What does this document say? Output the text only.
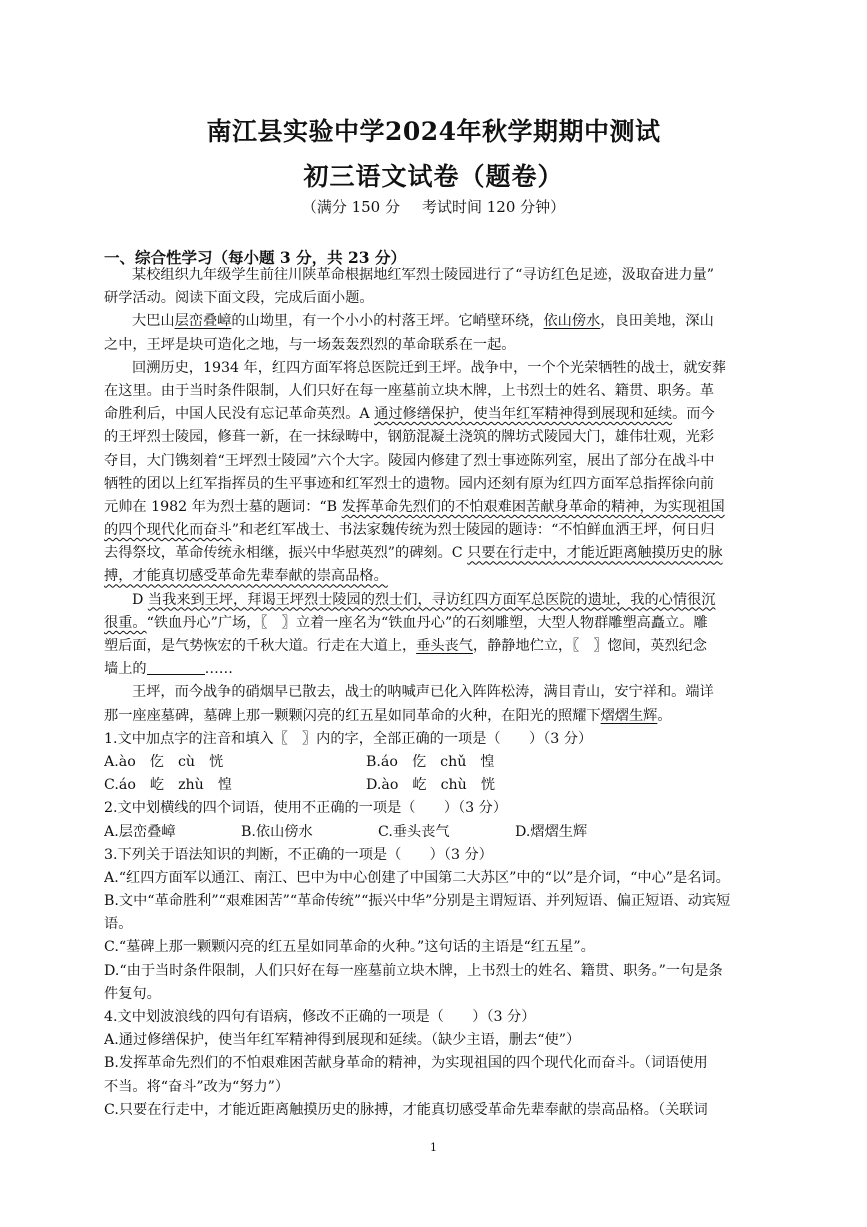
南江县实验中学2024年秋学期期中测试
初三语文试卷（题卷）
（满分 150 分 考试时间 120 分钟）
一、综合性学习（每小题 3 分，共 23 分）
某校组织九年级学生前往川陕革命根据地红军烈士陵园进行了“寻访红色足迹，汲取奋进力量”
研学活动。阅读下面文段，完成后面小题。
大巴山层峦叠嶂的山坳里，有一个小小的村落王坪。它峭壁环绕，依山傍水，良田美地，深山
之中，王坪是块可造化之地，与一场轰轰烈烈的革命联系在一起。
回溯历史，1934 年，红四方面军将总医院迁到王坪。战争中，一个个光荣牺牲的战士，就安葬
在这里。由于当时条件限制，人们只好在每一座墓前立块木牌，上书烈士的姓名、籍贯、职务。革
命胜利后，中国人民没有忘记革命英烈。A 通过修缮保护，使当年红军精神得到展现和延续。而今
的王坪烈士陵园，修葺一新，在一抹绿畴中，钢筋混凝土浇筑的牌坊式陵园大门，雄伟壮观，光彩
夺目，大门镌刻着“王坪烈士陵园”六个大字。陵园内修建了烈士事迹陈列室，展出了部分在战斗中
牺牲的团以上红军指挥员的生平事迹和红军烈士的遗物。园内还刻有原为红四方面军总指挥徐向前
元帅在 1982 年为烈士墓的题词：“B 发挥革命先烈们的不怕艰难困苦献身革命的精神，为实现祖国
的四个现代化而奋斗”和老红军战士、书法家魏传统为烈士陵园的题诗：“不怕鲜血洒王坪，何日归
去得祭坟，革命传统永相继，振兴中华慰英烈”的碑刻。C 只要在行走中，才能近距离触摸历史的脉
搏，才能真切感受革命先辈奉献的崇高品格。
D 当我来到王坪，拜谒王坪烈士陵园的烈士们，寻访红四方面军总医院的遗址，我的心情很沉
很重。“铁血丹心”广场，〖　〗立着一座名为“铁血丹心”的石刻雕塑，大型人物群雕塑高矗立。雕
塑后面，是气势恢宏的千秋大道。行走在大道上，垂头丧气，静静地伫立，〖　〗惚间，英烈纪念
墙上的	……
王坪，而今战争的硝烟早已散去，战士的呐喊声已化入阵阵松涛，满目青山，安宁祥和。端详
那一座座墓碑，墓碑上那一颗颗闪亮的红五星如同革命的火种，在阳光的照耀下熠熠生辉。
1.文中加点字的注音和填入〖　〗内的字，全部正确的一项是（　　）（3 分）
A.ào 仡 cù 恍	B.áo 仡 chǔ 惶
C.áo 屹 zhù 惶	D.ào 屹 chù 恍
2.文中划横线的四个词语，使用不正确的一项是（　　）（3 分）
A.层峦叠嶂	B.依山傍水	C.垂头丧气	D.熠熠生辉
3.下列关于语法知识的判断，不正确的一项是（　　）（3 分）
A.“红四方面军以通江、南江、巴中为中心创建了中国第二大苏区”中的“以”是介词，“中心”是名词。
B.文中“革命胜利”“艰难困苦”“革命传统”“振兴中华”分别是主谓短语、并列短语、偏正短语、动宾短
语。
C.“墓碑上那一颗颗闪亮的红五星如同革命的火种。”这句话的主语是“红五星”。
D.“由于当时条件限制，人们只好在每一座墓前立块木牌，上书烈士的姓名、籍贯、职务。”一句是条
件复句。
4.文中划波浪线的四句有语病，修改不正确的一项是（　　）（3 分）
A.通过修缮保护，使当年红军精神得到展现和延续。（缺少主语，删去“使”）
B.发挥革命先烈们的不怕艰难困苦献身革命的精神，为实现祖国的四个现代化而奋斗。（词语使用
不当。将“奋斗”改为“努力”）
C.只要在行走中，才能近距离触摸历史的脉搏，才能真切感受革命先辈奉献的崇高品格。（关联词
1
